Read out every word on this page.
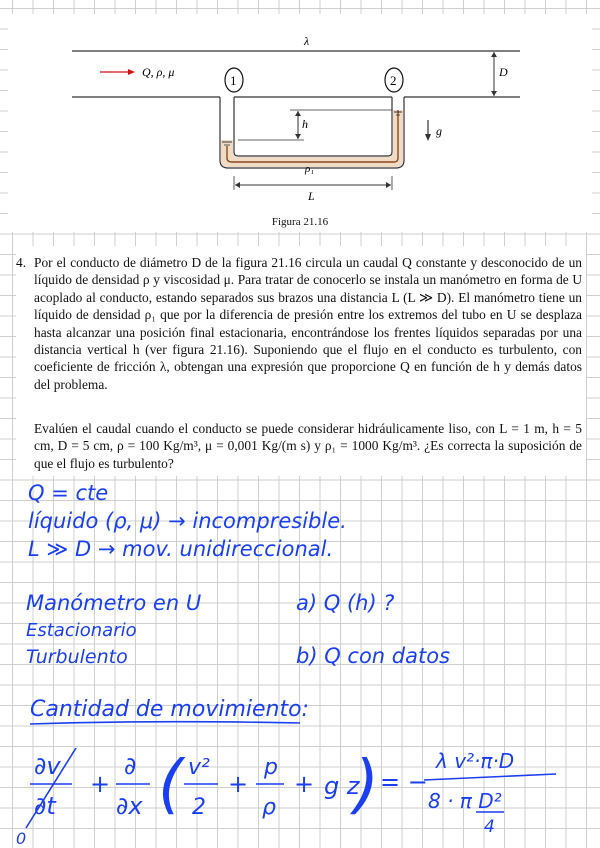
λ
Q, ρ, μ	D
1	2
h	g⃗
ρ₁
L
Figura 21.16

4. Por el conducto de diámetro D de la figura 21.16 circula un caudal Q constante y desconocido de un líquido de densidad ρ y viscosidad μ. Para tratar de conocerlo se instala un manómetro en forma de U acoplado al conducto, estando separados sus brazos una distancia L (L ≫ D). El manómetro tiene un líquido de densidad ρ₁ que por la diferencia de presión entre los extremos del tubo en U se desplaza hasta alcanzar una posición final estacionaria, encontrándose los frentes líquidos separadas por una distancia vertical h (ver figura 21.16). Suponiendo que el flujo en el conducto es turbulento, con coeficiente de fricción λ, obtengan una expresión que proporcione Q en función de h y demás datos del problema.

Evalúen el caudal cuando el conducto se puede considerar hidráulicamente liso, con L = 1 m, h = 5 cm, D = 5 cm, ρ = 100 Kg/m³, μ = 0,001 Kg/(m s) y ρ₁ = 1000 Kg/m³. ¿Es correcta la suposición de que el flujo es turbulento?

Q = cte
líquido (ρ, μ) → incompresible.
L ≫ D → mov. unidireccional.
Manómetro en U
Estacionario
Turbulento
a) Q (h) ?
b) Q con datos
Cantidad de movimiento:
∂v
∂t
0
+
∂
∂x ( v²
2
+
p
ρ
+ g z
) = −
λ v²·π·D
8 · π D²
4
